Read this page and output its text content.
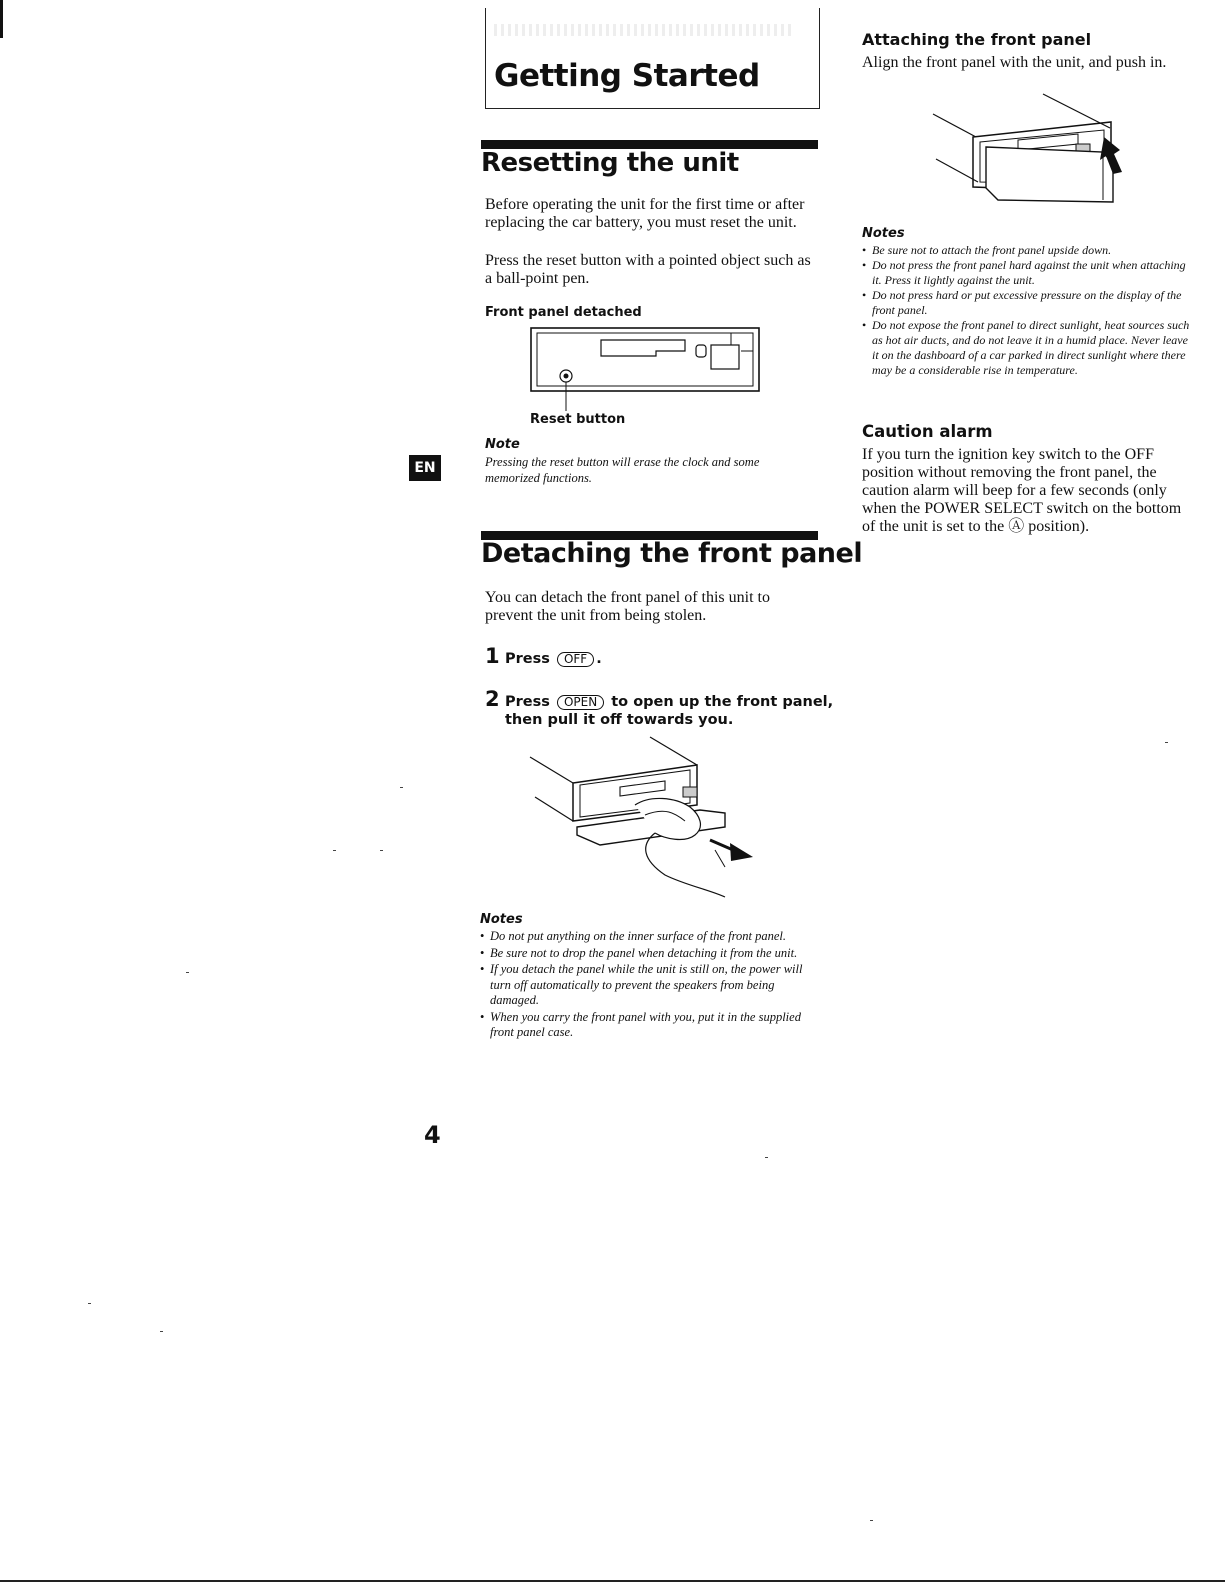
Getting Started
EN
4
Resetting the unit
Before operating the unit for the first time or after replacing the car battery, you must reset the unit.
Press the reset button with a pointed object such as a ball-point pen.
Front panel detached
Reset button
Note
Pressing the reset button will erase the clock and some memorized functions.
Detaching the front panel
You can detach the front panel of this unit to prevent the unit from being stolen.
1 Press OFF .
2 Press OPEN to open up the front panel, then pull it off towards you.
Notes
• Do not put anything on the inner surface of the front panel.
• Be sure not to drop the panel when detaching it from the unit.
• If you detach the panel while the unit is still on, the power will turn off automatically to prevent the speakers from being damaged.
• When you carry the front panel with you, put it in the supplied front panel case.
Attaching the front panel
Align the front panel with the unit, and push in.
Notes
• Be sure not to attach the front panel upside down.
• Do not press the front panel hard against the unit when attaching it. Press it lightly against the unit.
• Do not press hard or put excessive pressure on the display of the front panel.
• Do not expose the front panel to direct sunlight, heat sources such as hot air ducts, and do not leave it in a humid place. Never leave it on the dashboard of a car parked in direct sunlight where there may be a considerable rise in temperature.
Caution alarm
If you turn the ignition key switch to the OFF position without removing the front panel, the caution alarm will beep for a few seconds (only when the POWER SELECT switch on the bottom of the unit is set to the Ⓐ position).
